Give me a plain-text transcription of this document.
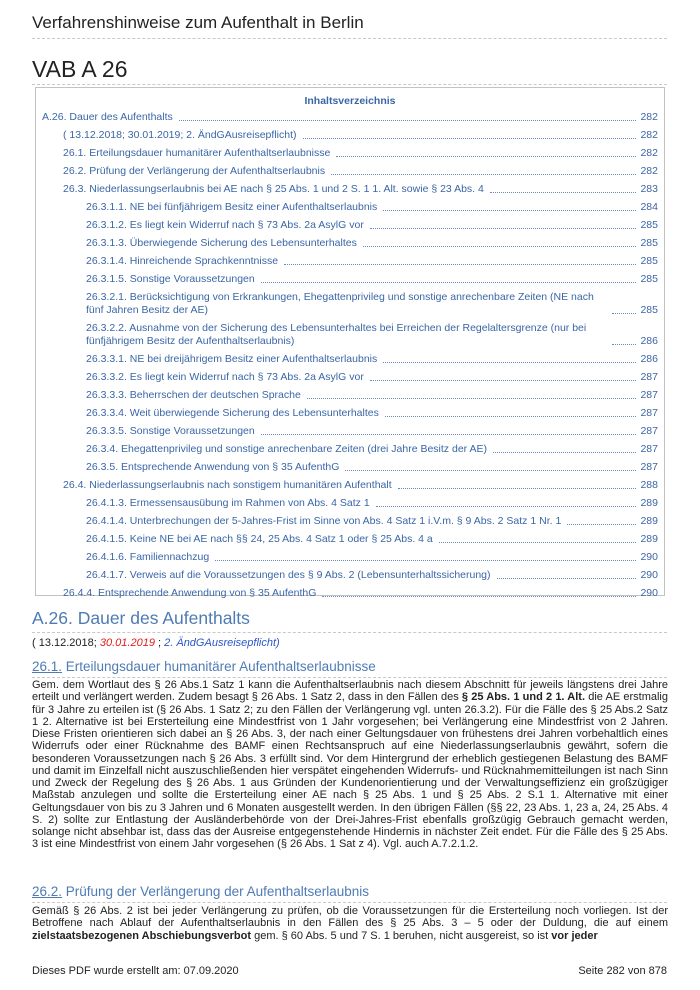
Verfahrenshinweise zum Aufenthalt in Berlin
VAB A 26
Inhaltsverzeichnis
A.26. Dauer des Aufenthalts	282
( 13.12.2018; 30.01.2019; 2. ÄndGAusreisepflicht)	282
26.1. Erteilungsdauer humanitärer Aufenthaltserlaubnisse	282
26.2. Prüfung der Verlängerung der Aufenthaltserlaubnis	282
26.3. Niederlassungserlaubnis bei AE nach § 25 Abs. 1 und 2 S. 1 1. Alt. sowie § 23 Abs. 4	283
26.3.1.1. NE bei fünfjährigem Besitz einer Aufenthaltserlaubnis	284
26.3.1.2. Es liegt kein Widerruf nach § 73 Abs. 2a AsylG vor	285
26.3.1.3. Überwiegende Sicherung des Lebensunterhaltes	285
26.3.1.4. Hinreichende Sprachkenntnisse	285
26.3.1.5. Sonstige Voraussetzungen	285
26.3.2.1. Berücksichtigung von Erkrankungen, Ehegattenprivileg und sonstige anrechenbare Zeiten (NE nach fünf Jahren Besitz der AE)	285
26.3.2.2. Ausnahme von der Sicherung des Lebensunterhaltes bei Erreichen der Regelaltersgrenze (nur bei fünfjährigem Besitz der Aufenthaltserlaubnis)	286
26.3.3.1. NE bei dreijährigem Besitz einer Aufenthaltserlaubnis	286
26.3.3.2. Es liegt kein Widerruf nach § 73 Abs. 2a AsylG vor	287
26.3.3.3. Beherrschen der deutschen Sprache	287
26.3.3.4. Weit überwiegende Sicherung des Lebensunterhaltes	287
26.3.3.5. Sonstige Voraussetzungen	287
26.3.4. Ehegattenprivileg und sonstige anrechenbare Zeiten (drei Jahre Besitz der AE)	287
26.3.5. Entsprechende Anwendung von § 35 AufenthG	287
26.4. Niederlassungserlaubnis nach sonstigem humanitären Aufenthalt	288
26.4.1.3. Ermessensausübung im Rahmen von Abs. 4 Satz 1	289
26.4.1.4. Unterbrechungen der 5-Jahres-Frist im Sinne von Abs. 4 Satz 1 i.V.m. § 9 Abs. 2 Satz 1 Nr. 1	289
26.4.1.5. Keine NE bei AE nach §§ 24, 25 Abs. 4 Satz 1 oder § 25 Abs. 4 a	289
26.4.1.6. Familiennachzug	290
26.4.1.7. Verweis auf die Voraussetzungen des § 9 Abs. 2 (Lebensunterhaltssicherung)	290
26.4.4. Entsprechende Anwendung von § 35 AufenthG	290
A.26. Dauer des Aufenthalts
( 13.12.2018; 30.01.2019 ; 2. ÄndGAusreisepflicht)
26.1. Erteilungsdauer humanitärer Aufenthaltserlaubnisse
Gem. dem Wortlaut des § 26 Abs.1 Satz 1 kann die Aufenthaltserlaubnis nach diesem Abschnitt für jeweils längstens drei Jahre erteilt und verlängert werden. Zudem besagt § 26 Abs. 1 Satz 2, dass in den Fällen des § 25 Abs. 1 und 2 1. Alt. die AE erstmalig für 3 Jahre zu erteilen ist (§ 26 Abs. 1 Satz 2; zu den Fällen der Verlängerung vgl. unten 26.3.2). Für die Fälle des § 25 Abs.2 Satz 1 2. Alternative ist bei Ersterteilung eine Mindestfrist von 1 Jahr vorgesehen; bei Verlängerung eine Mindestfrist von 2 Jahren. Diese Fristen orientieren sich dabei an § 26 Abs. 3, der nach einer Geltungsdauer von frühestens drei Jahren vorbehaltlich eines Widerrufs oder einer Rücknahme des BAMF einen Rechtsanspruch auf eine Niederlassungserlaubnis gewährt, sofern die besonderen Voraussetzungen nach § 26 Abs. 3 erfüllt sind. Vor dem Hintergrund der erheblich gestiegenen Belastung des BAMF und damit im Einzelfall nicht auszuschließenden hier verspätet eingehenden Widerrufs- und Rücknahmemitteilungen ist nach Sinn und Zweck der Regelung des § 26 Abs. 1 aus Gründen der Kundenorientierung und der Verwaltungseffizienz ein großzügiger Maßstab anzulegen und sollte die Ersterteilung einer AE nach § 25 Abs. 1 und § 25 Abs. 2 S.1 1. Alternative mit einer Geltungsdauer von bis zu 3 Jahren und 6 Monaten ausgestellt werden. In den übrigen Fällen (§§ 22, 23 Abs. 1, 23 a, 24, 25 Abs. 4 S. 2) sollte zur Entlastung der Ausländerbehörde von der Drei-Jahres-Frist ebenfalls großzügig Gebrauch gemacht werden, solange nicht absehbar ist, dass das der Ausreise entgegenstehende Hindernis in nächster Zeit endet. Für die Fälle des § 25 Abs. 3 ist eine Mindestfrist von einem Jahr vorgesehen (§ 26 Abs. 1 Sat z 4). Vgl. auch A.7.2.1.2.
26.2. Prüfung der Verlängerung der Aufenthaltserlaubnis
Gemäß § 26 Abs. 2 ist bei jeder Verlängerung zu prüfen, ob die Voraussetzungen für die Ersterteilung noch vorliegen. Ist der Betroffene nach Ablauf der Aufenthaltserlaubnis in den Fällen des § 25 Abs. 3 – 5 oder der Duldung, die auf einem zielstaatsbezogenen Abschiebungsverbot gem. § 60 Abs. 5 und 7 S. 1 beruhen, nicht ausgereist, so ist vor jeder
Dieses PDF wurde erstellt am: 07.09.2020	Seite 282 von 878
